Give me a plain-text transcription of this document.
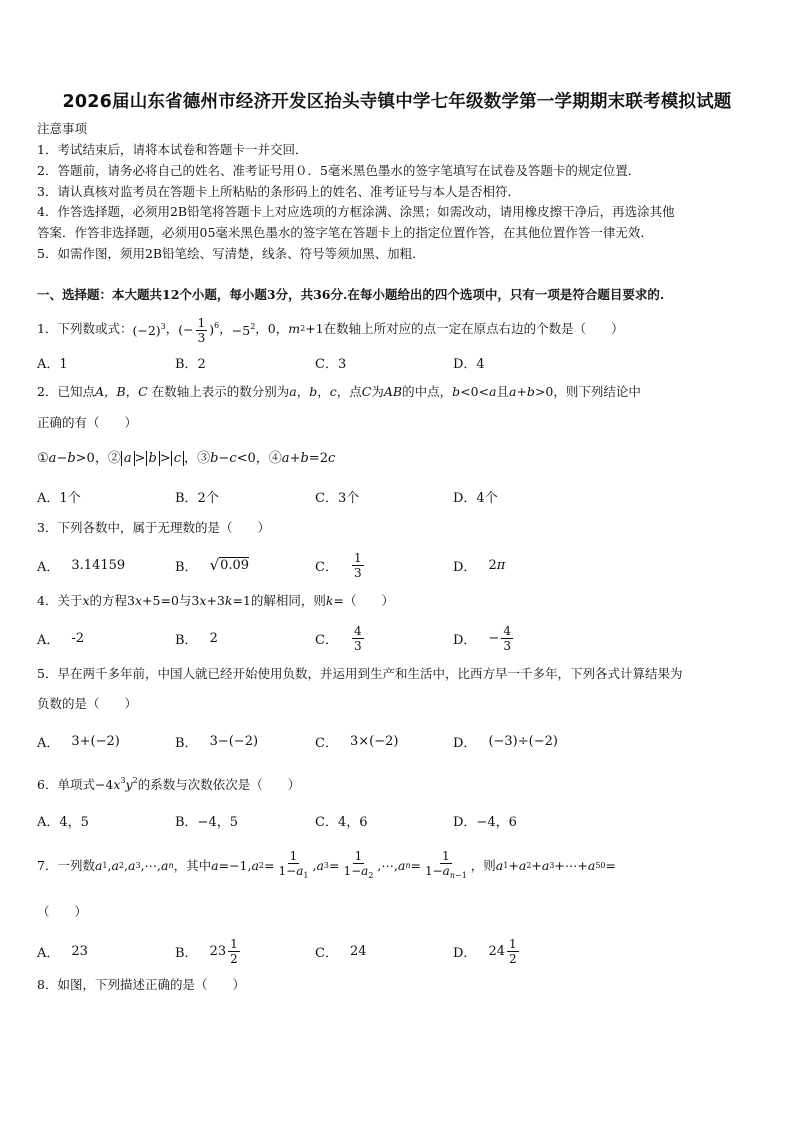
2026届山东省德州市经济开发区抬头寺镇中学七年级数学第一学期期末联考模拟试题
注意事项
1．考试结束后，请将本试卷和答题卡一并交回．
2．答题前，请务必将自己的姓名、准考证号用０．5毫米黑色墨水的签字笔填写在试卷及答题卡的规定位置．
3．请认真核对监考员在答题卡上所粘贴的条形码上的姓名、准考证号与本人是否相符．
4．作答选择题，必须用2B铅笔将答题卡上对应选项的方框涂满、涂黑；如需改动，请用橡皮擦干净后，再选涂其他
答案．作答非选择题，必须用05毫米黑色墨水的签字笔在答题卡上的指定位置作答，在其他位置作答一律无效．
5．如需作图，须用2B铅笔绘、写清楚，线条、符号等须加黑、加粗．
一、选择题：本大题共12个小题，每小题3分，共36分.在每小题给出的四个选项中，只有一项是符合题目要求的.
1．下列数或式： $(-2)^3$ ， (− $\frac{1}{3} )^6$ ， $-5^2$ ，0， m 2 +1 在数轴上所对应的点一定在原点右边的个数是（　　）
A．1	B．2	C．3	D．4
2．已知点A，B，C 在数轴上表示的数分别为a，b，c，点C为AB的中点，b<0<a且a+b>0，则下列结论中
正确的有（　　）
①a−b>0，② a > b > c ，③b−c<0，④a+b=2c
A．1个	B．2个	C．3个	D．4个
3．下列各数中，属于无理数的是（　　）
A． 3.14159	B． √ 0.09	C． $\frac{1}{3}$	D． 2 π
4．关于x的方程3x+5=0与3x+3k=1的解相同，则k=（　　）
A． -2	B． 2	C． $\frac{4}{3}$	D． − $\frac{4}{3}$
5．早在两千多年前，中国人就已经开始使用负数，并运用到生产和生活中，比西方早一千多年，下列各式计算结果为
负数的是（　　）
A． 3+(−2)	B． 3−(−2)	C． 3×(−2)	D． (−3)÷(−2)
6．单项式$-4x^3y^2$的系数与次数依次是（　　）
A．4，5	B．−4，5	C．4，6	D．−4，6
7．一列数 a 1 , a 2 , a 3 ,⋯, a n ，其中 a =−1, a $2 = \frac{1}{1-a_1}$ , a $3 = \frac{1}{1-a_2}$ ,⋯, a $n = \frac{1}{1-a_{n-1}}$ ，则 a 1 + a 2 + a 3 +⋯+ a 50 =
（　　）
A． 23	B． $23 \frac{1}{2}$	C． 24	D． $24 \frac{1}{2}$
8．如图，下列描述正确的是（　　）
